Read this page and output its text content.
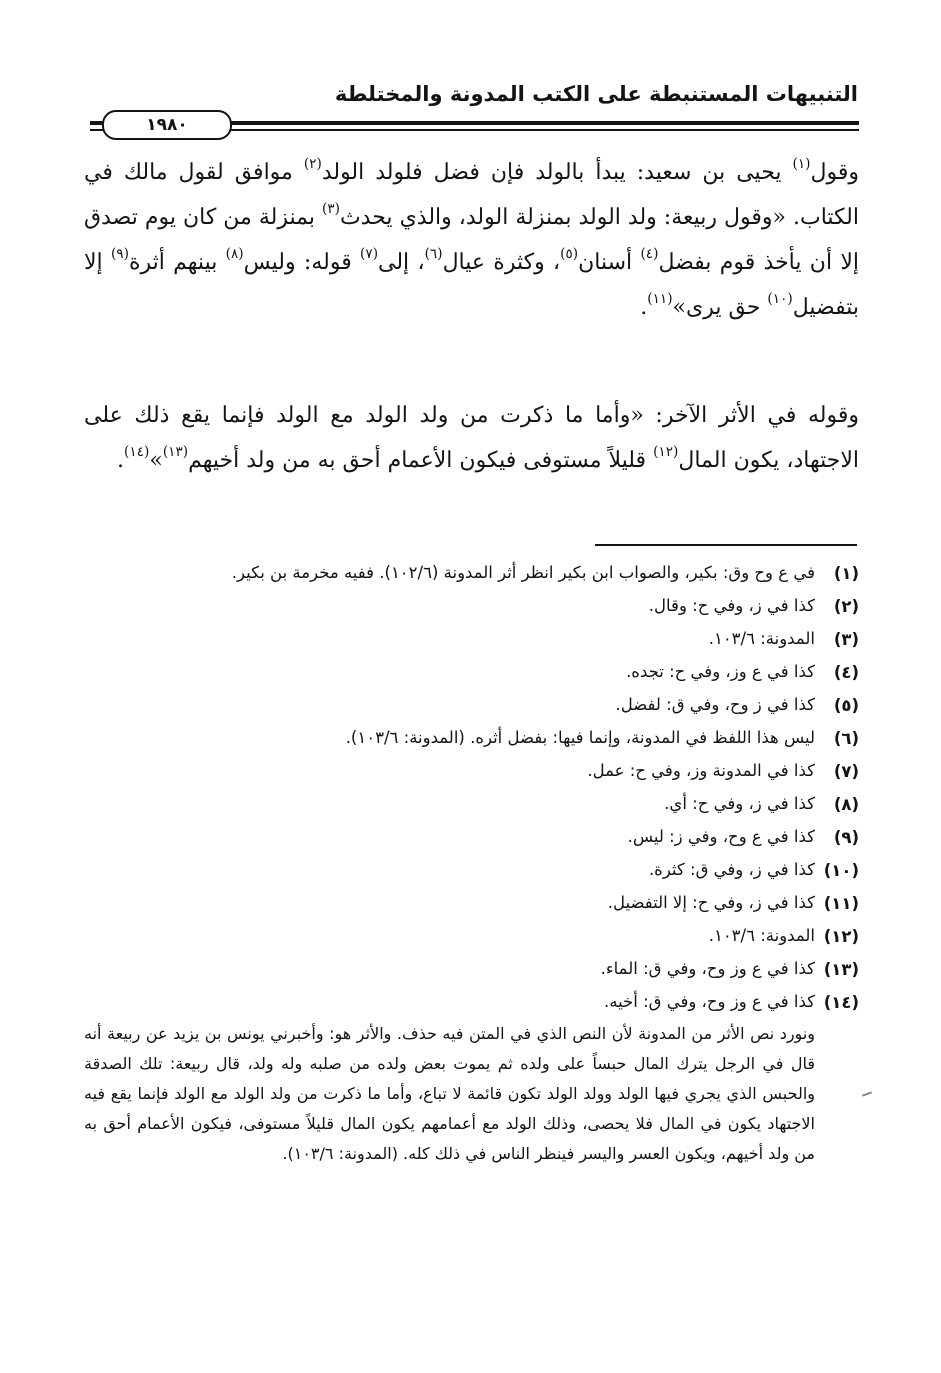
التنبيهات المستنبطة على الكتب المدونة والمختلطة
١٩٨٠

وقول$^{(١)}$ يحيى بن سعيد: يبدأ بالولد فإن فضل فلولد الولد$^{(٢)}$ موافق لقول مالك في الكتاب. «وقول ربيعة: ولد الولد بمنزلة الولد، والذي يحدث$^{(٣)}$ بمنزلة من كان يوم تصدق إلا أن يأخذ قوم بفضل$^{(٤)}$ أسنان$^{(٥)}$، وكثرة عيال$^{(٦)}$، إلى$^{(٧)}$ قوله: وليس$^{(٨)}$ بينهم أثرة$^{(٩)}$ إلا بتفضيل$^{(١٠)}$ حق يرى»$^{(١١)}$.

وقوله في الأثر الآخر: «وأما ما ذكرت من ولد الولد مع الولد فإنما يقع ذلك على الاجتهاد، يكون المال$^{(١٢)}$ قليلاً مستوفى فيكون الأعمام أحق به من ولد أخيهم$^{(١٣)}$»$^{(١٤)}$.

(١)
في ع وح وق: بكير، والصواب ابن بكير انظر أثر المدونة (١٠٢/٦). ففيه مخرمة بن بكير.
(٢)
كذا في ز، وفي ح: وقال.
(٣)
المدونة: ١٠٣/٦.
(٤)
كذا في ع وز، وفي ح: تجده.
(٥)
كذا في ز وح، وفي ق: لفضل.
(٦)
ليس هذا اللفظ في المدونة، وإنما فيها: بفضل أثره. (المدونة: ١٠٣/٦).
(٧)
كذا في المدونة وز، وفي ح: عمل.
(٨)
كذا في ز، وفي ح: أي.
(٩)
كذا في ع وح، وفي ز: ليس.
(١٠)
كذا في ز، وفي ق: كثرة.
(١١)
كذا في ز، وفي ح: إلا التفضيل.
(١٢)
المدونة: ١٠٣/٦.
(١٣)
كذا في ع وز وح، وفي ق: الماء.
(١٤)
كذا في ع وز وح، وفي ق: أخيه.
ونورد نص الأثر من المدونة لأن النص الذي في المتن فيه حذف. والأثر هو: وأخبرني يونس بن يزيد عن ربيعة أنه قال في الرجل يترك المال حبساً على ولده ثم يموت بعض ولده من صلبه وله ولد، قال ربيعة: تلك الصدقة والحبس الذي يجري فيها الولد وولد الولد تكون قائمة لا تباع، وأما ما ذكرت من ولد الولد مع الولد فإنما يقع فيه الاجتهاد يكون في المال فلا يحصى، وذلك الولد مع أعمامهم يكون المال قليلاً مستوفى، فيكون الأعمام أحق به من ولد أخيهم، ويكون العسر واليسر فينظر الناس في ذلك كله. (المدونة: ١٠٣/٦).
